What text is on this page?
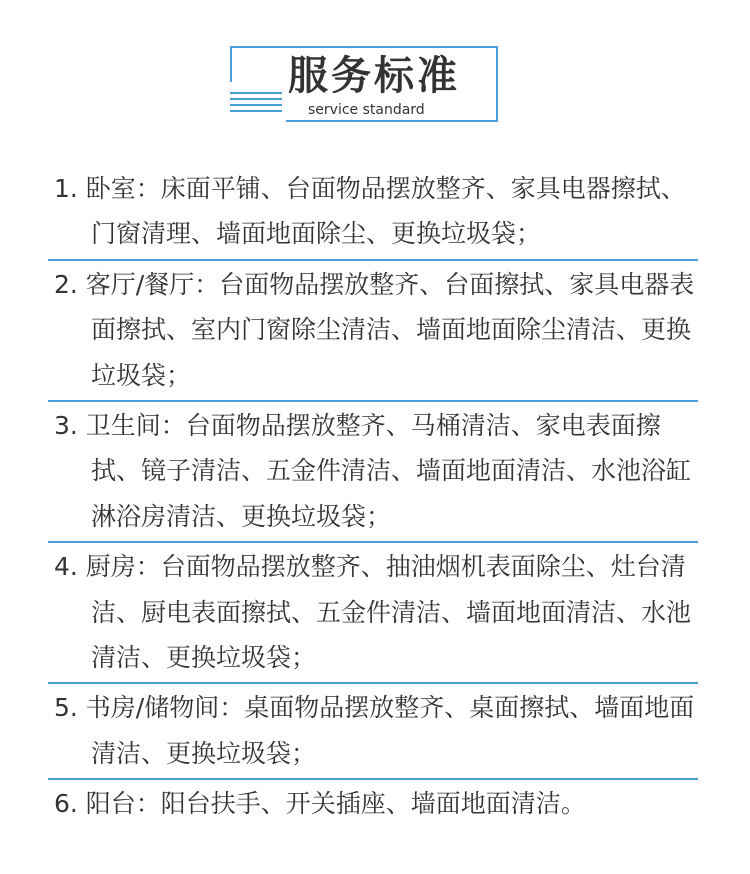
服务标准
service standard
1. 卧室：床面平铺、台面物品摆放整齐、家具电器擦拭、门窗清理、墙面地面除尘、更换垃圾袋；
2. 客厅/餐厅：台面物品摆放整齐、台面擦拭、家具电器表面擦拭、室内门窗除尘清洁、墙面地面除尘清洁、更换垃圾袋；
3. 卫生间：台面物品摆放整齐、马桶清洁、家电表面擦拭、镜子清洁、五金件清洁、墙面地面清洁、水池浴缸淋浴房清洁、更换垃圾袋；
4. 厨房：台面物品摆放整齐、抽油烟机表面除尘、灶台清洁、厨电表面擦拭、五金件清洁、墙面地面清洁、水池清洁、更换垃圾袋；
5. 书房/储物间：桌面物品摆放整齐、桌面擦拭、墙面地面清洁、更换垃圾袋；
6. 阳台：阳台扶手、开关插座、墙面地面清洁。
